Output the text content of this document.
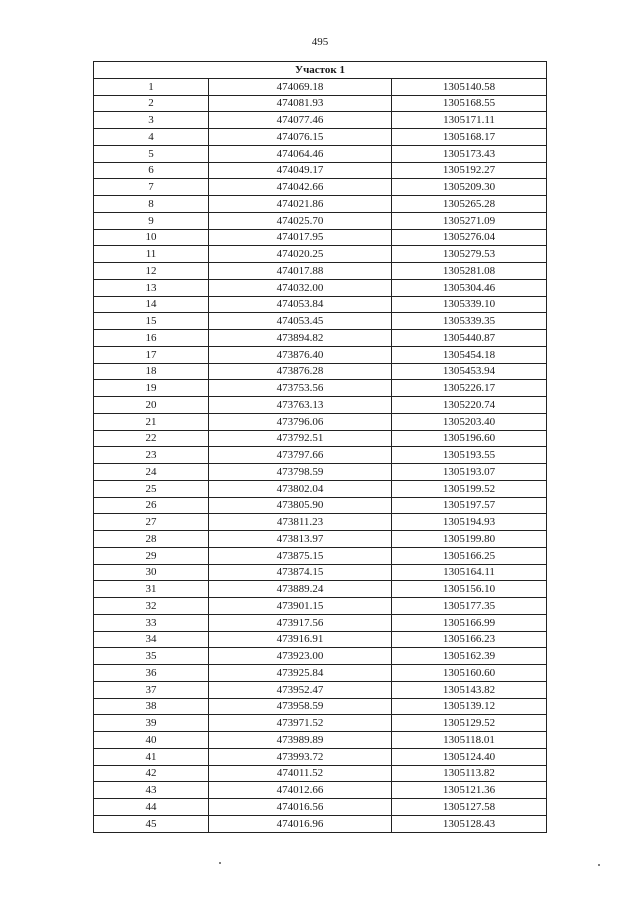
495
Участок 1		
1	474069.18	1305140.58
2	474081.93	1305168.55
3	474077.46	1305171.11
4	474076.15	1305168.17
5	474064.46	1305173.43
6	474049.17	1305192.27
7	474042.66	1305209.30
8	474021.86	1305265.28
9	474025.70	1305271.09
10	474017.95	1305276.04
11	474020.25	1305279.53
12	474017.88	1305281.08
13	474032.00	1305304.46
14	474053.84	1305339.10
15	474053.45	1305339.35
16	473894.82	1305440.87
17	473876.40	1305454.18
18	473876.28	1305453.94
19	473753.56	1305226.17
20	473763.13	1305220.74
21	473796.06	1305203.40
22	473792.51	1305196.60
23	473797.66	1305193.55
24	473798.59	1305193.07
25	473802.04	1305199.52
26	473805.90	1305197.57
27	473811.23	1305194.93
28	473813.97	1305199.80
29	473875.15	1305166.25
30	473874.15	1305164.11
31	473889.24	1305156.10
32	473901.15	1305177.35
33	473917.56	1305166.99
34	473916.91	1305166.23
35	473923.00	1305162.39
36	473925.84	1305160.60
37	473952.47	1305143.82
38	473958.59	1305139.12
39	473971.52	1305129.52
40	473989.89	1305118.01
41	473993.72	1305124.40
42	474011.52	1305113.82
43	474012.66	1305121.36
44	474016.56	1305127.58
45	474016.96	1305128.43
